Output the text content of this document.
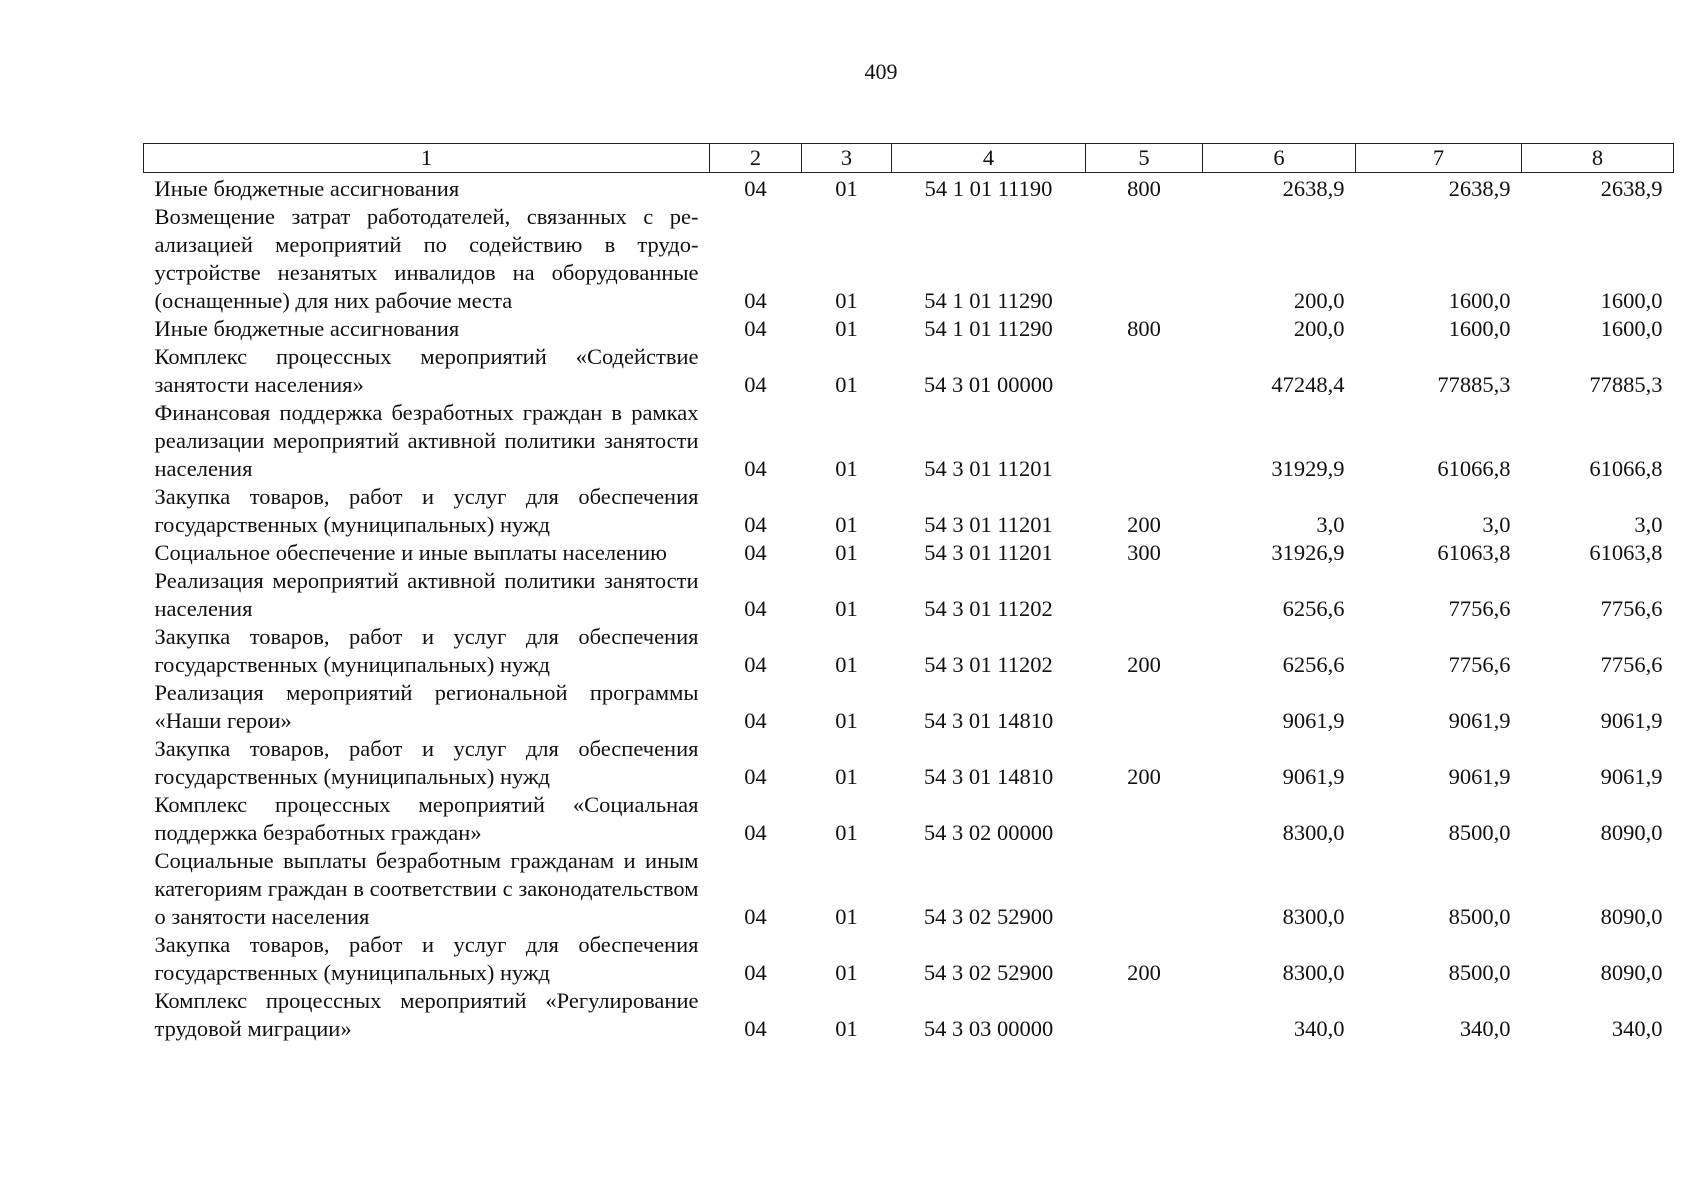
409
1	2	3	4	5	6	7	8
Иные бюджетные ассигнования	04	01	54 1 01 11190	800	2638,9	2638,9	2638,9
Возмещение затрат работодателей, связанных с реализацией мероприятий по содействию в трудоустройстве незанятых инвалидов на оборудованные (оснащенные) для них рабочие места	04	01	54 1 01 11290		200,0	1600,0	1600,0
Иные бюджетные ассигнования	04	01	54 1 01 11290	800	200,0	1600,0	1600,0
Комплекс процессных мероприятий «Содействие занятости населения»	04	01	54 3 01 00000		47248,4	77885,3	77885,3
Финансовая поддержка безработных граждан в рамках реализации мероприятий активной политики занятости населения	04	01	54 3 01 11201		31929,9	61066,8	61066,8
Закупка товаров, работ и услуг для обеспечения государственных (муниципальных) нужд	04	01	54 3 01 11201	200	3,0	3,0	3,0
Социальное обеспечение и иные выплаты населению	04	01	54 3 01 11201	300	31926,9	61063,8	61063,8
Реализация мероприятий активной политики занятости населения	04	01	54 3 01 11202		6256,6	7756,6	7756,6
Закупка товаров, работ и услуг для обеспечения государственных (муниципальных) нужд	04	01	54 3 01 11202	200	6256,6	7756,6	7756,6
Реализация мероприятий региональной программы «Наши герои»	04	01	54 3 01 14810		9061,9	9061,9	9061,9
Закупка товаров, работ и услуг для обеспечения государственных (муниципальных) нужд	04	01	54 3 01 14810	200	9061,9	9061,9	9061,9
Комплекс процессных мероприятий «Социальная поддержка безработных граждан»	04	01	54 3 02 00000		8300,0	8500,0	8090,0
Социальные выплаты безработным гражданам и иным категориям граждан в соответствии с законодательством о занятости населения	04	01	54 3 02 52900		8300,0	8500,0	8090,0
Закупка товаров, работ и услуг для обеспечения государственных (муниципальных) нужд	04	01	54 3 02 52900	200	8300,0	8500,0	8090,0
Комплекс процессных мероприятий «Регулирование трудовой миграции»	04	01	54 3 03 00000		340,0	340,0	340,0
